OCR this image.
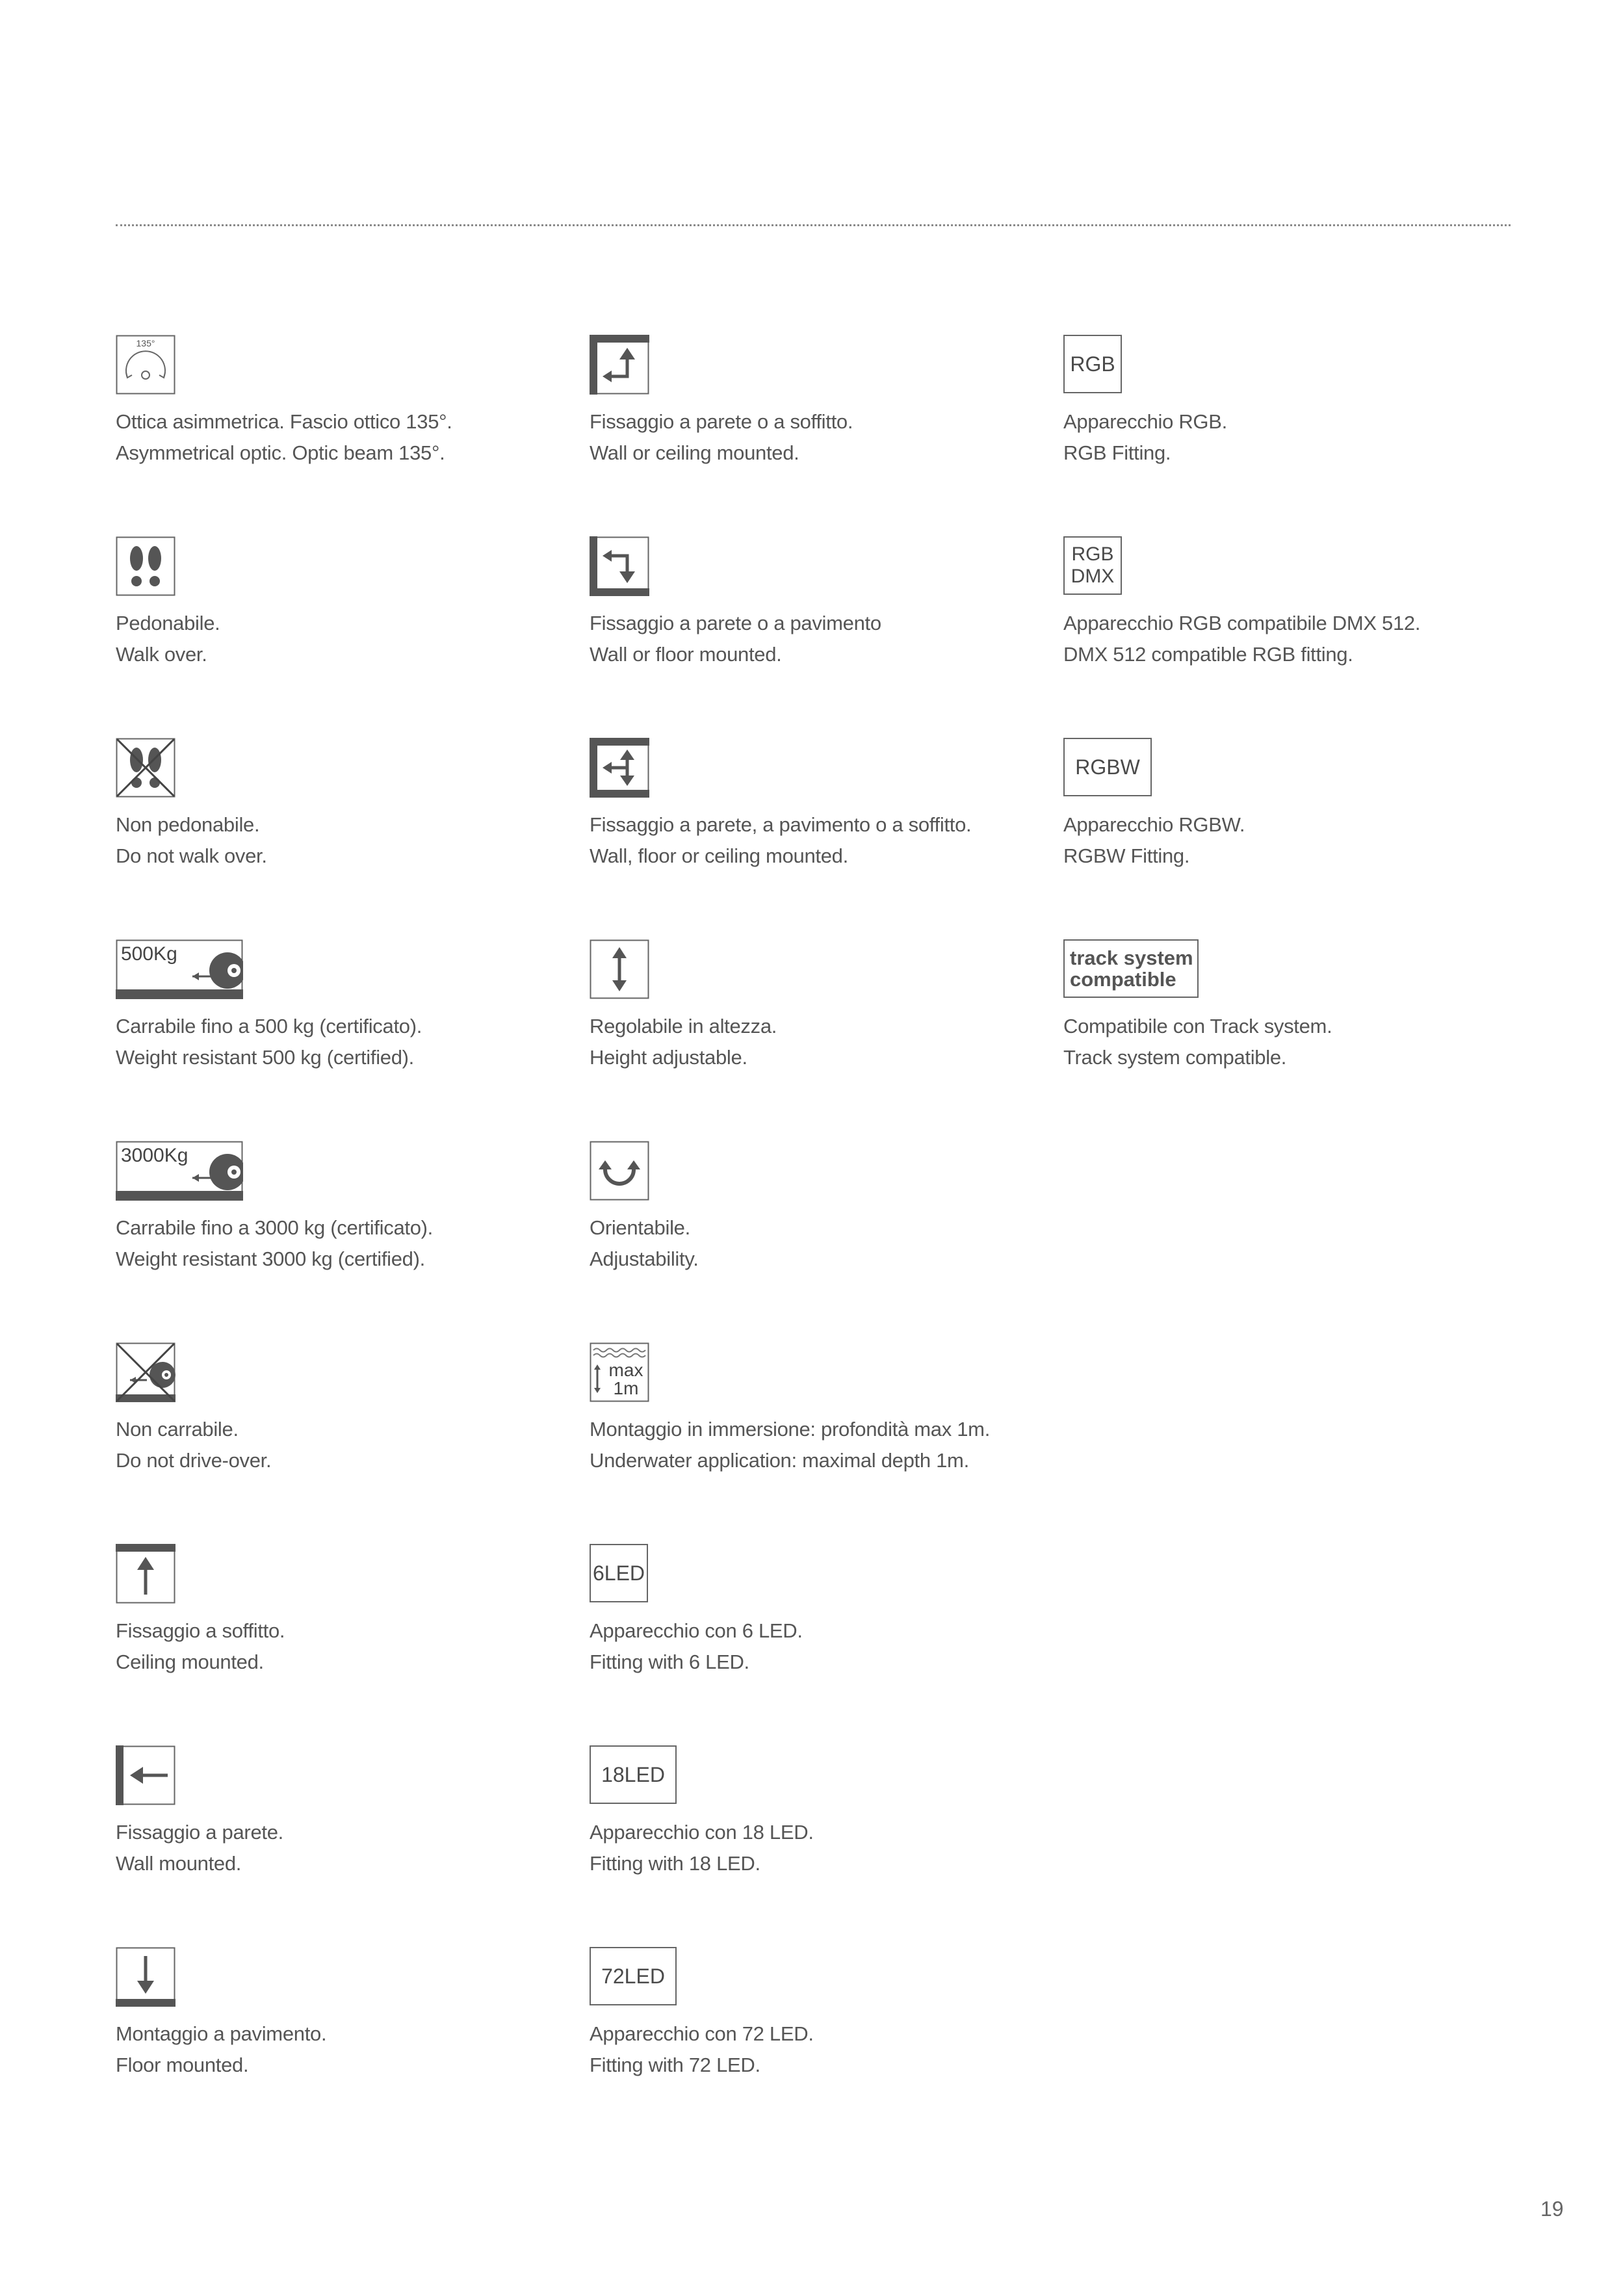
135°
Ottica asimmetrica. Fascio ottico 135°.
Asymmetrical optic. Optic beam 135°.
Pedonabile.
Walk over.
Non pedonabile.
Do not walk over.
500Kg
Carrabile fino a 500 kg (certificato).
Weight resistant 500 kg (certified).
3000Kg
Carrabile fino a 3000 kg (certificato).
Weight resistant 3000 kg (certified).
Non carrabile.
Do not drive-over.
Fissaggio a soffitto.
Ceiling mounted.
Fissaggio a parete.
Wall mounted.
Montaggio a pavimento.
Floor mounted.
Fissaggio a parete o a soffitto.
Wall or ceiling mounted.
Fissaggio a parete o a pavimento
Wall or floor mounted.
Fissaggio a parete, a pavimento o a soffitto.
Wall, floor or ceiling mounted.
Regolabile in altezza.
Height adjustable.
Orientabile.
Adjustability.
max
1m
Montaggio in immersione: profondità max 1m.
Underwater application: maximal depth 1m.
6LED
Apparecchio con 6 LED.
Fitting with 6 LED.
18LED
Apparecchio con 18 LED.
Fitting with 18 LED.
72LED
Apparecchio con 72 LED.
Fitting with 72 LED.
RGB
Apparecchio RGB.
RGB Fitting.
RGB
DMX
Apparecchio RGB compatibile DMX 512.
DMX 512 compatible RGB fitting.
RGBW
Apparecchio RGBW.
RGBW Fitting.
track system
compatible
Compatibile con Track system.
Track system compatible.
19
